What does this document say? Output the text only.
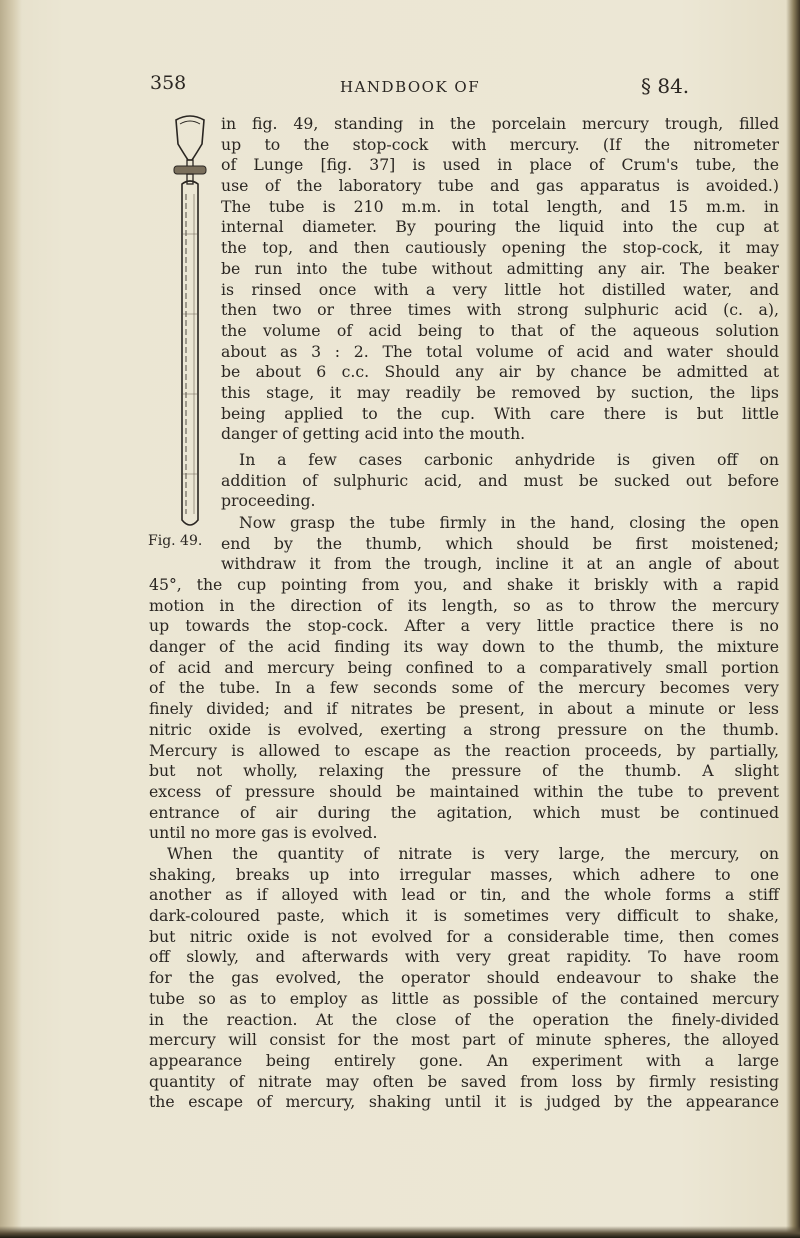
358	HANDBOOK OF	§ 84.
Fig. 49.
in fig. 49, standing in the porcelain mercury trough, filled
up to the stop-cock with mercury. (If the nitrometer
of Lunge [fig. 37] is used in place of Crum's tube, the
use of the laboratory tube and gas apparatus is avoided.)
The tube is 210 m.m. in total length, and 15 m.m. in
internal diameter. By pouring the liquid into the cup at
the top, and then cautiously opening the stop-cock, it may
be run into the tube without admitting any air. The beaker
is rinsed once with a very little hot distilled water, and
then two or three times with strong sulphuric acid (c. a),
the volume of acid being to that of the aqueous solution
about as 3 : 2. The total volume of acid and water should
be about 6 c.c. Should any air by chance be admitted at
this stage, it may readily be removed by suction, the lips
being applied to the cup. With care there is but little
danger of getting acid into the mouth.
In a few cases carbonic anhydride is given off on
addition of sulphuric acid, and must be sucked out before
proceeding.
Now grasp the tube firmly in the hand, closing the open
end by the thumb, which should be first moistened;
withdraw it from the trough, incline it at an angle of about
45°, the cup pointing from you, and shake it briskly with a rapid
motion in the direction of its length, so as to throw the mercury
up towards the stop-cock. After a very little practice there is no
danger of the acid finding its way down to the thumb, the mixture
of acid and mercury being confined to a comparatively small portion
of the tube. In a few seconds some of the mercury becomes very
finely divided; and if nitrates be present, in about a minute or less
nitric oxide is evolved, exerting a strong pressure on the thumb.
Mercury is allowed to escape as the reaction proceeds, by partially,
but not wholly, relaxing the pressure of the thumb. A slight
excess of pressure should be maintained within the tube to prevent
entrance of air during the agitation, which must be continued
until no more gas is evolved.
When the quantity of nitrate is very large, the mercury, on
shaking, breaks up into irregular masses, which adhere to one
another as if alloyed with lead or tin, and the whole forms a stiff
dark-coloured paste, which it is sometimes very difficult to shake,
but nitric oxide is not evolved for a considerable time, then comes
off slowly, and afterwards with very great rapidity. To have room
for the gas evolved, the operator should endeavour to shake the
tube so as to employ as little as possible of the contained mercury
in the reaction. At the close of the operation the finely-divided
mercury will consist for the most part of minute spheres, the alloyed
appearance being entirely gone. An experiment with a large
quantity of nitrate may often be saved from loss by firmly resisting
the escape of mercury, shaking until it is judged by the appearance
